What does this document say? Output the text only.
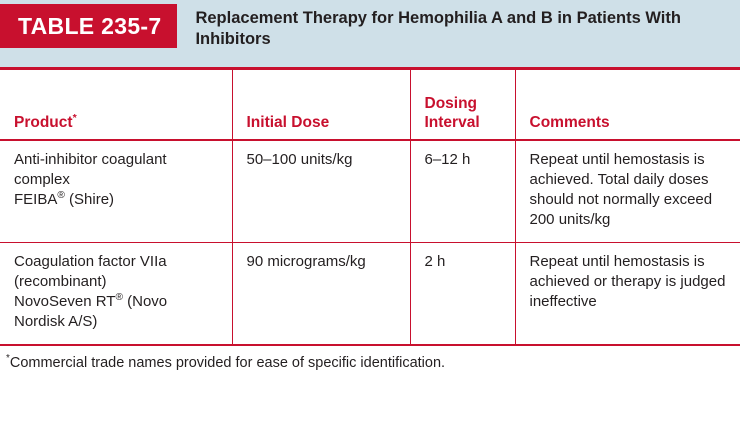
TABLE 235-7	Replacement Therapy for Hemophilia A and B in Patients With Inhibitors
Product*	Initial Dose	Dosing Interval	Comments

Anti-inhibitor coagulant complex
FEIBA® (Shire)	50–100 units/kg	6–12 h	Repeat until hemostasis is achieved. Total daily doses should not normally exceed 200 units/kg

Coagulation factor VIIa (recombinant)
NovoSeven RT® (Novo Nordisk A/S)	90 micrograms/kg	2 h	Repeat until hemostasis is achieved or therapy is judged ineffective
*Commercial trade names provided for ease of specific identification.
